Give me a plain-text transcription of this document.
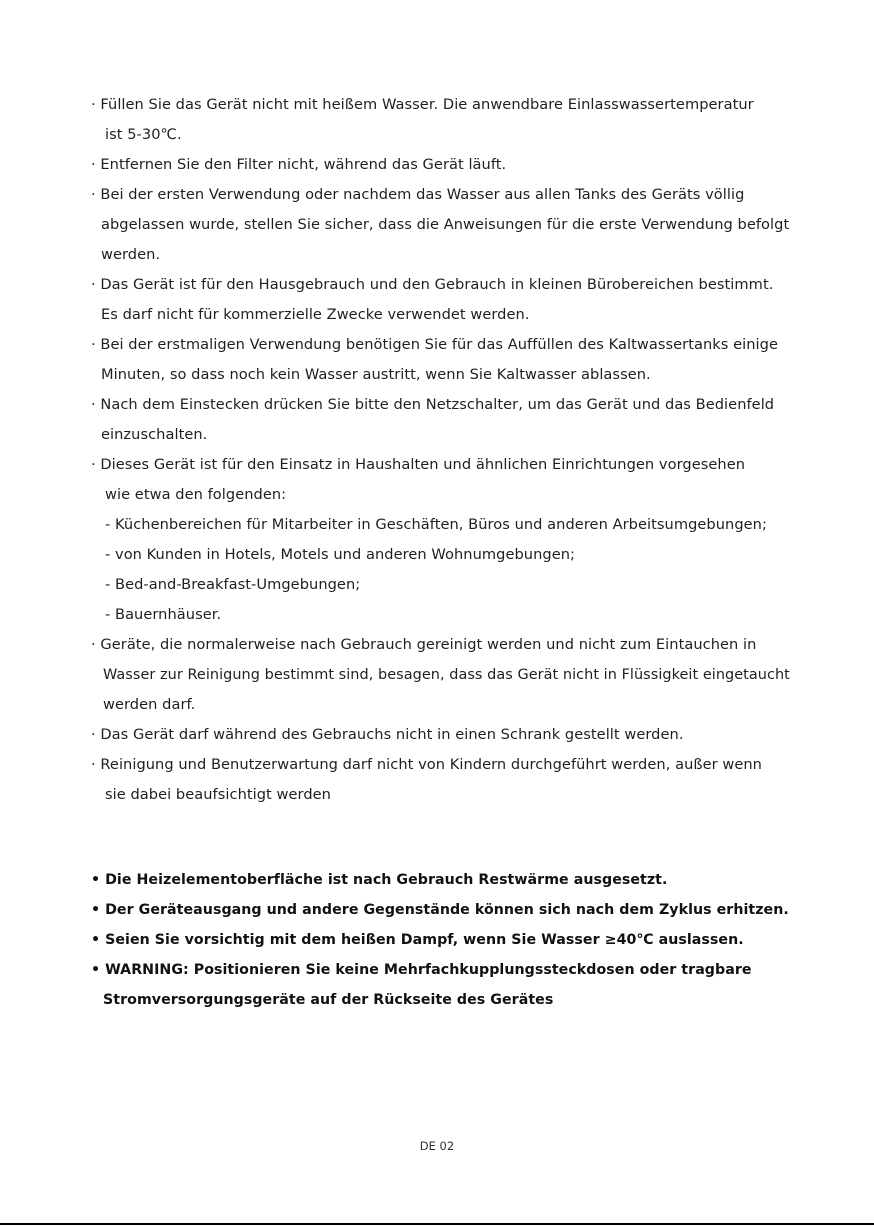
· Füllen Sie das Gerät nicht mit heißem Wasser. Die anwendbare Einlasswassertemperatur
ist 5-30℃.
· Entfernen Sie den Filter nicht, während das Gerät läuft.
· Bei der ersten Verwendung oder nachdem das Wasser aus allen Tanks des Geräts völlig
abgelassen wurde, stellen Sie sicher, dass die Anweisungen für die erste Verwendung befolgt
werden.
· Das Gerät ist für den Hausgebrauch und den Gebrauch in kleinen Bürobereichen bestimmt.
Es darf nicht für kommerzielle Zwecke verwendet werden.
· Bei der erstmaligen Verwendung benötigen Sie für das Auffüllen des Kaltwassertanks einige
Minuten, so dass noch kein Wasser austritt, wenn Sie Kaltwasser ablassen.
· Nach dem Einstecken drücken Sie bitte den Netzschalter, um das Gerät und das Bedienfeld
einzuschalten.
· Dieses Gerät ist für den Einsatz in Haushalten und ähnlichen Einrichtungen vorgesehen
wie etwa den folgenden:
- Küchenbereichen für Mitarbeiter in Geschäften, Büros und anderen Arbeitsumgebungen;
- von Kunden in Hotels, Motels und anderen Wohnumgebungen;
- Bed-and-Breakfast-Umgebungen;
- Bauernhäuser.
· Geräte, die normalerweise nach Gebrauch gereinigt werden und nicht zum Eintauchen in
Wasser zur Reinigung bestimmt sind, besagen, dass das Gerät nicht in Flüssigkeit eingetaucht
werden darf.
· Das Gerät darf während des Gebrauchs nicht in einen Schrank gestellt werden.
· Reinigung und Benutzerwartung darf nicht von Kindern durchgeführt werden, außer wenn
sie dabei beaufsichtigt werden
• Die Heizelementoberfläche ist nach Gebrauch Restwärme ausgesetzt.
• Der Geräteausgang und andere Gegenstände können sich nach dem Zyklus erhitzen.
• Seien Sie vorsichtig mit dem heißen Dampf, wenn Sie Wasser ≥40℃ auslassen.
• WARNING: Positionieren Sie keine Mehrfachkupplungssteckdosen oder tragbare
Stromversorgungsgeräte auf der Rückseite des Gerätes
DE 02
